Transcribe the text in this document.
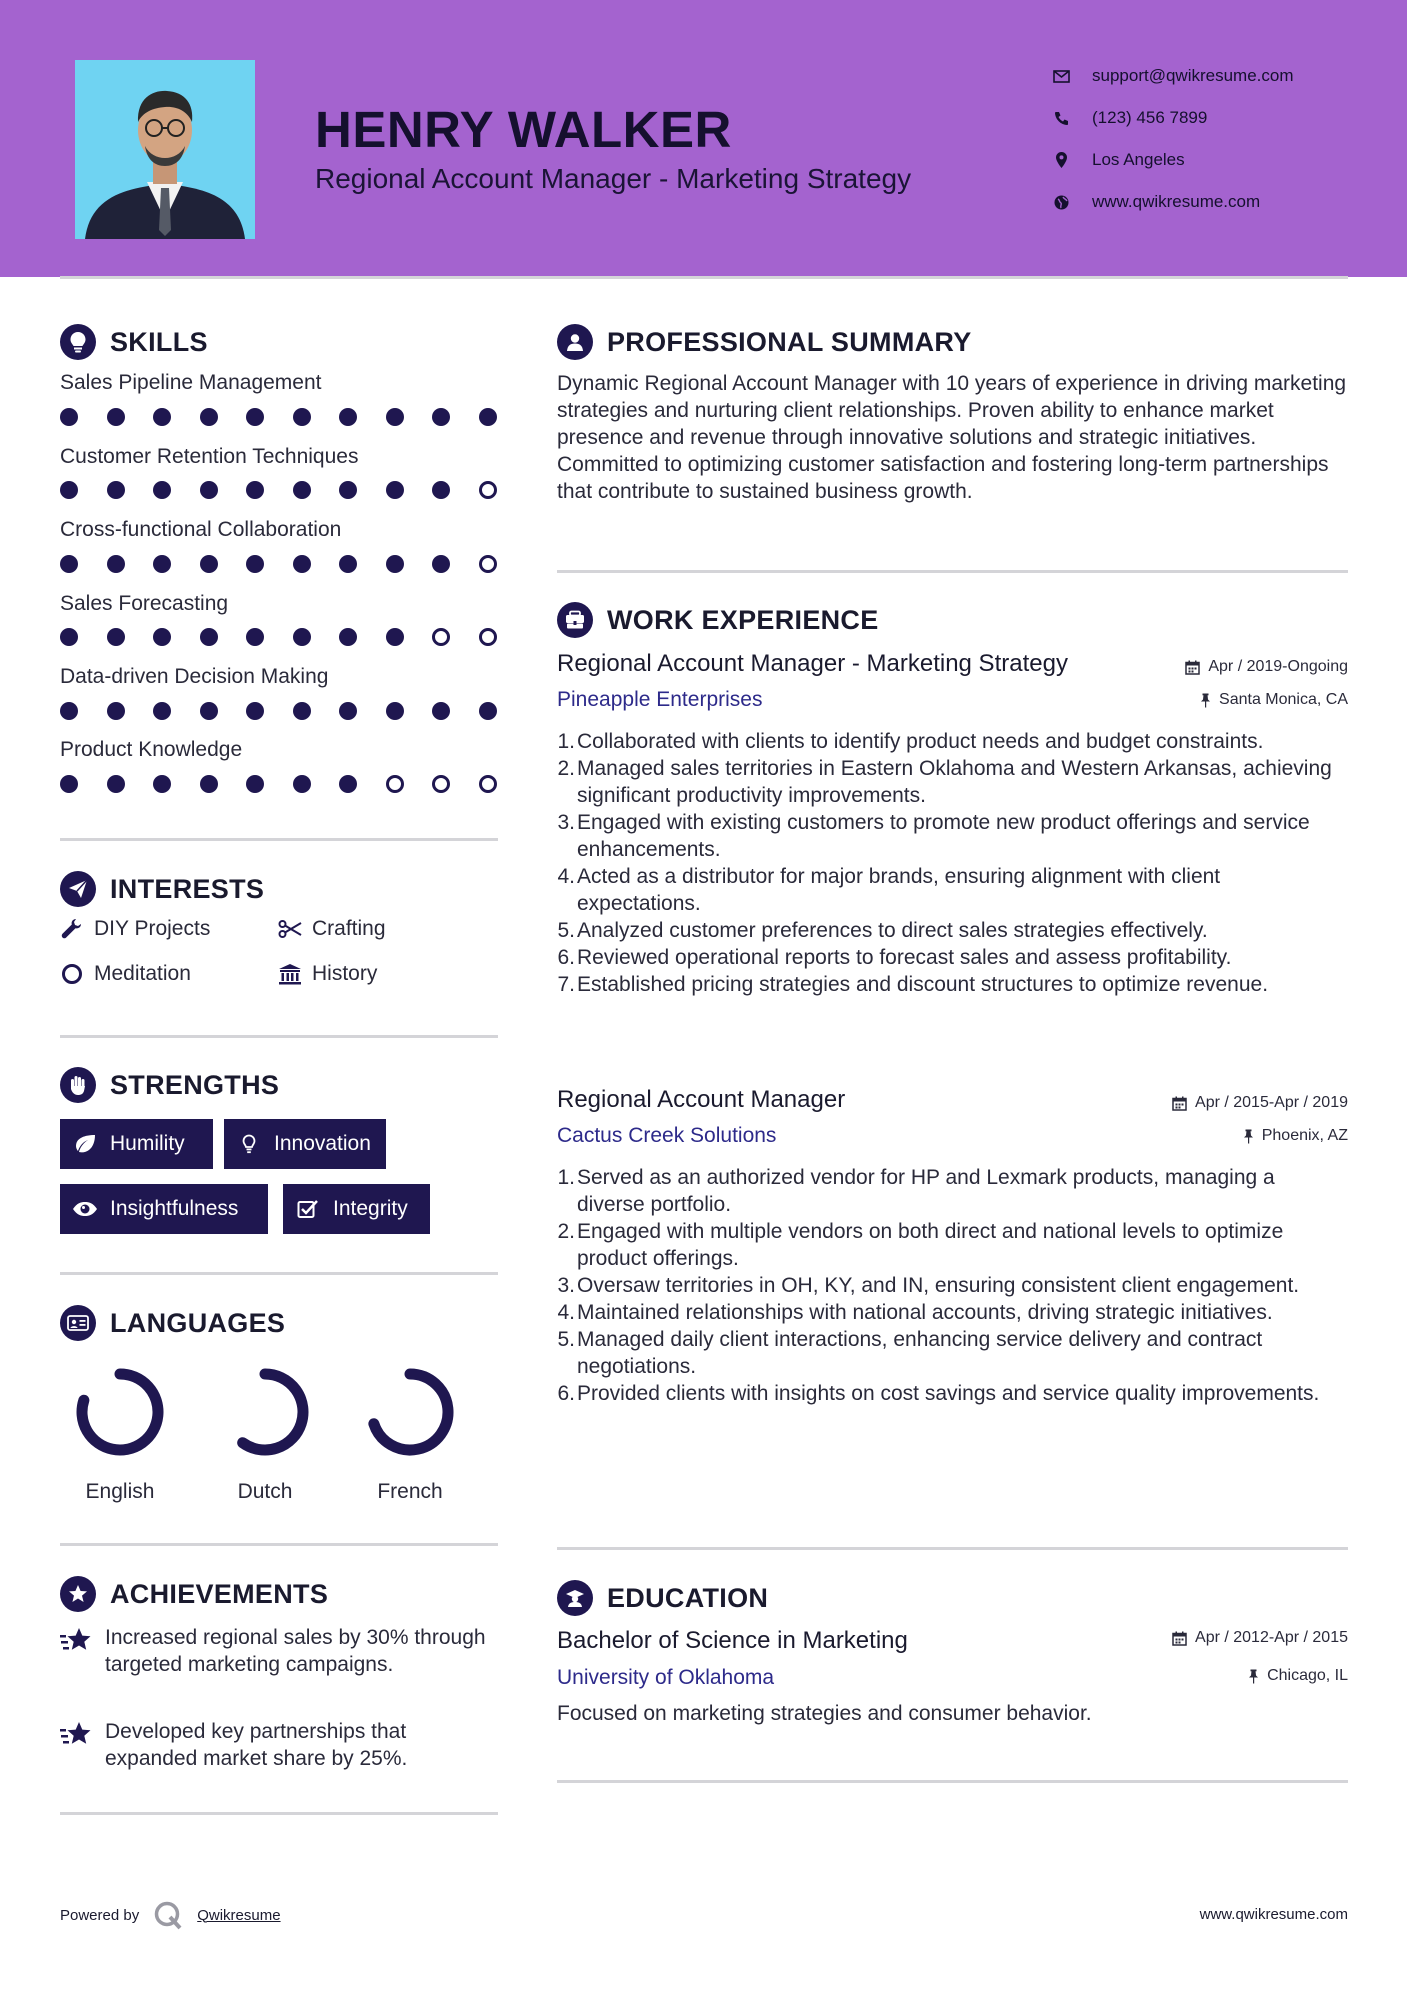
HENRY WALKER
Regional Account Manager - Marketing Strategy
support@qwikresume.com
(123) 456 7899
Los Angeles
www.qwikresume.com
SKILLS
Sales Pipeline Management
Customer Retention Techniques
Cross-functional Collaboration
Sales Forecasting
Data-driven Decision Making
Product Knowledge
INTERESTS
DIY Projects	Crafting
Meditation	History
STRENGTHS
Humility	Innovation
Insightfulness	Integrity
LANGUAGES
English	Dutch	French
ACHIEVEMENTS
Increased regional sales by 30% through targeted marketing campaigns.
Developed key partnerships that expanded market share by 25%.
PROFESSIONAL SUMMARY
Dynamic Regional Account Manager with 10 years of experience in driving marketing strategies and nurturing client relationships. Proven ability to enhance market presence and revenue through innovative solutions and strategic initiatives. Committed to optimizing customer satisfaction and fostering long-term partnerships that contribute to sustained business growth.
WORK EXPERIENCE
Regional Account Manager - Marketing Strategy	Apr / 2019-Ongoing
Pineapple Enterprises	Santa Monica, CA
1. Collaborated with clients to identify product needs and budget constraints.
2. Managed sales territories in Eastern Oklahoma and Western Arkansas, achieving significant productivity improvements.
3. Engaged with existing customers to promote new product offerings and service enhancements.
4. Acted as a distributor for major brands, ensuring alignment with client expectations.
5. Analyzed customer preferences to direct sales strategies effectively.
6. Reviewed operational reports to forecast sales and assess profitability.
7. Established pricing strategies and discount structures to optimize revenue.
Regional Account Manager	Apr / 2015-Apr / 2019
Cactus Creek Solutions	Phoenix, AZ
1. Served as an authorized vendor for HP and Lexmark products, managing a diverse portfolio.
2. Engaged with multiple vendors on both direct and national levels to optimize product offerings.
3. Oversaw territories in OH, KY, and IN, ensuring consistent client engagement.
4. Maintained relationships with national accounts, driving strategic initiatives.
5. Managed daily client interactions, enhancing service delivery and contract negotiations.
6. Provided clients with insights on cost savings and service quality improvements.
EDUCATION
Bachelor of Science in Marketing	Apr / 2012-Apr / 2015
University of Oklahoma	Chicago, IL
Focused on marketing strategies and consumer behavior.
Powered by	Qwikresume	www.qwikresume.com
